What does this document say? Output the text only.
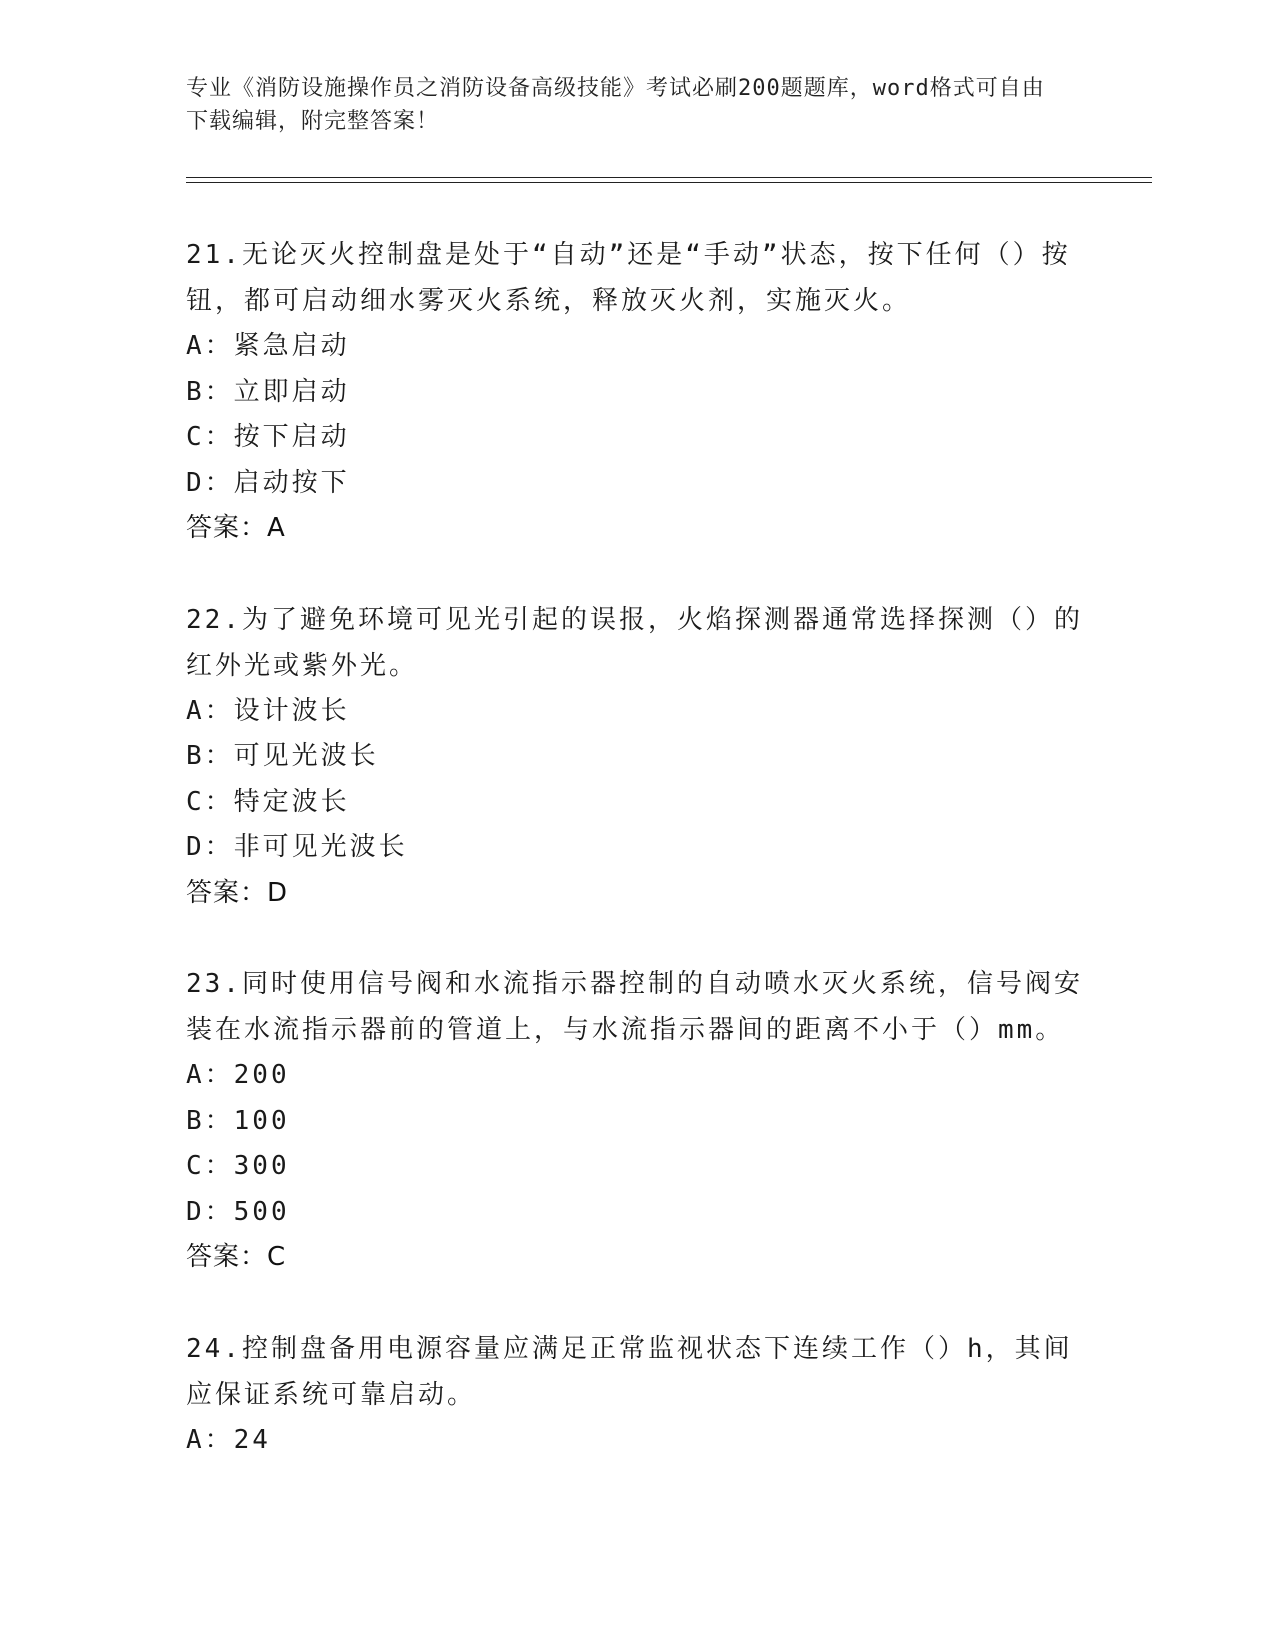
专业《消防设施操作员之消防设备高级技能》考试必刷200题题库，word格式可自由下载编辑，附完整答案！

21.无论灭火控制盘是处于“自动”还是“手动”状态，按下任何（）按钮，都可启动细水雾灭火系统，释放灭火剂，实施灭火。

A：紧急启动

B：立即启动

C：按下启动

D：启动按下

答案：A

22.为了避免环境可见光引起的误报，火焰探测器通常选择探测（）的红外光或紫外光。

A：设计波长

B：可见光波长

C：特定波长

D：非可见光波长

答案：D

23.同时使用信号阀和水流指示器控制的自动喷水灭火系统，信号阀安装在水流指示器前的管道上，与水流指示器间的距离不小于（）mm。

A：200

B：100

C：300

D：500

答案：C

24.控制盘备用电源容量应满足正常监视状态下连续工作（）h，其间应保证系统可靠启动。

A：24
